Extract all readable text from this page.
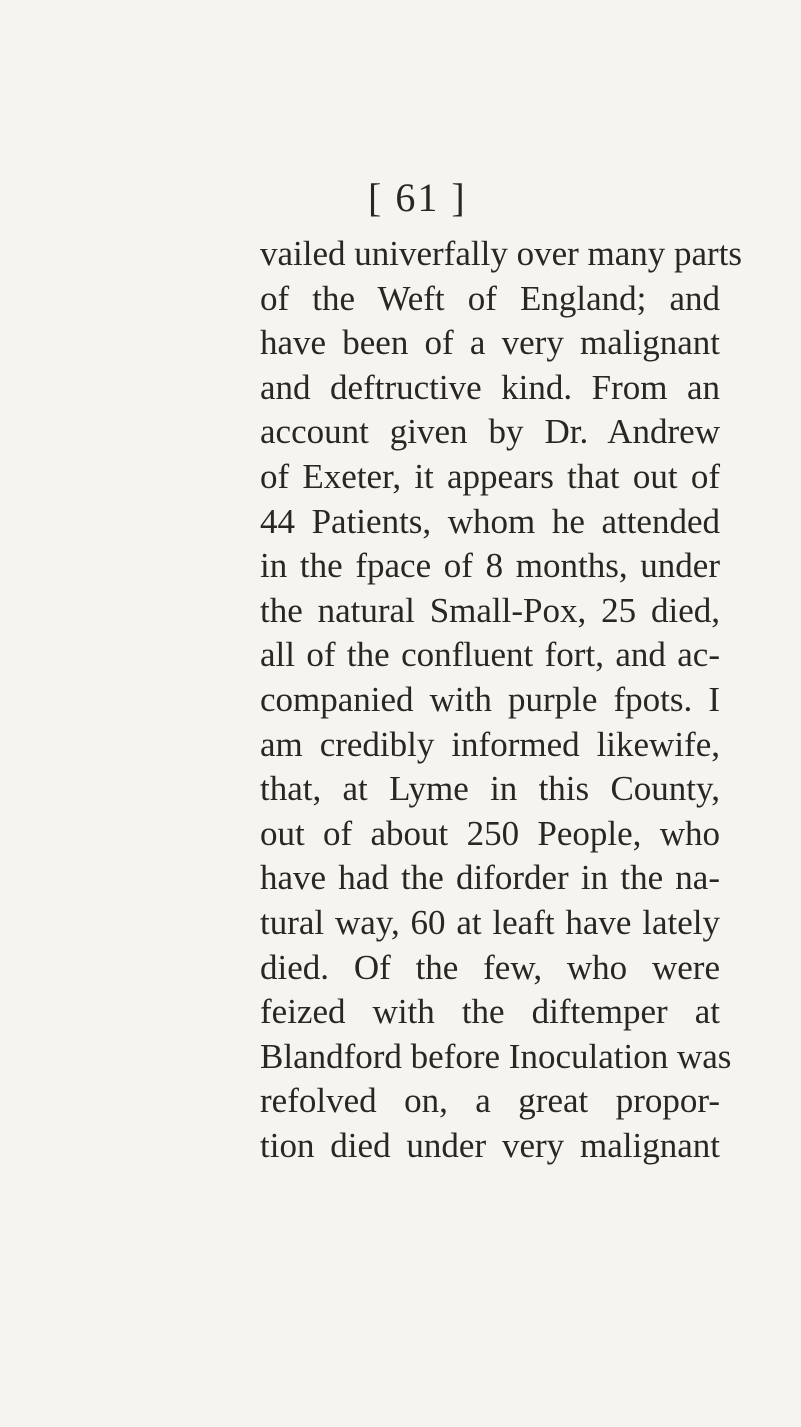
[ 61 ]
vailed univerfally over many parts
of the Weft of England; and
have been of a very malignant
and deftructive kind. From an
account given by Dr. Andrew
of Exeter, it appears that out of
44 Patients, whom he attended
in the fpace of 8 months, under
the natural Small-Pox, 25 died,
all of the confluent fort, and ac-
companied with purple fpots. I
am credibly informed likewife,
that, at Lyme in this County,
out of about 250 People, who
have had the diforder in the na-
tural way, 60 at leaft have lately
died. Of the few, who were
feized with the diftemper at
Blandford before Inoculation was
refolved on, a great propor-
tion died under very malignant
